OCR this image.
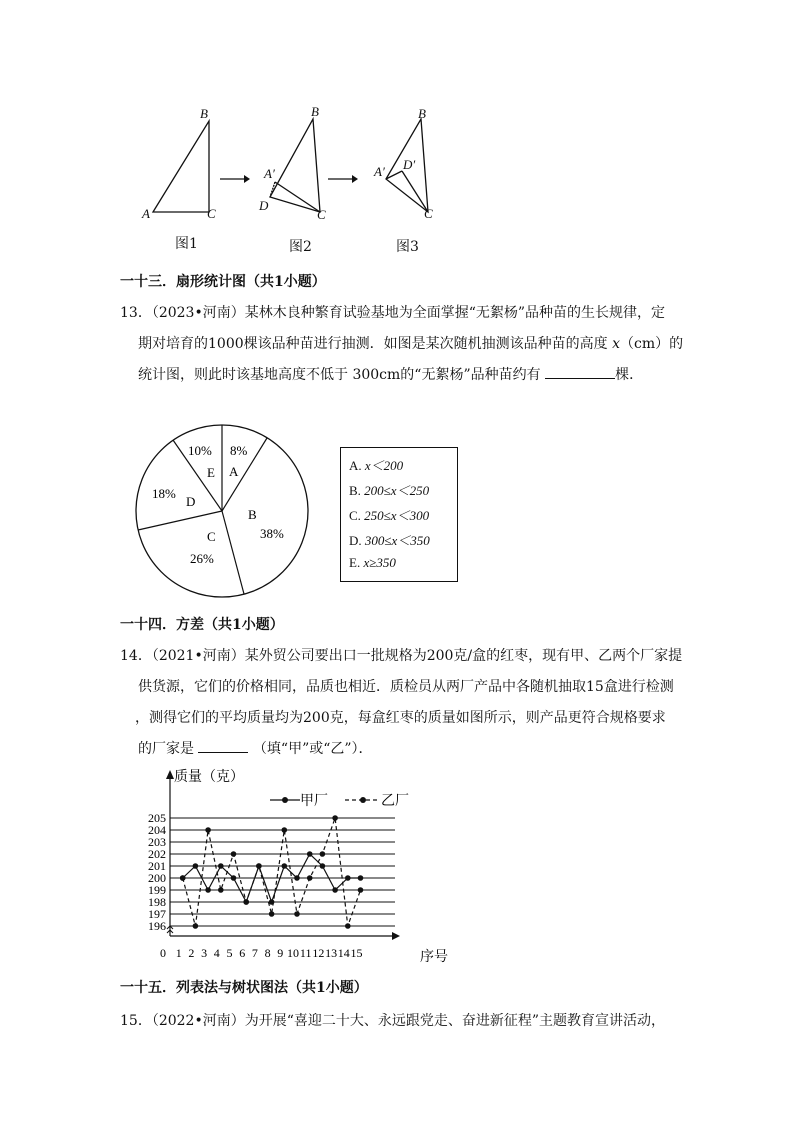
B
A	C
图1
B
A′
D
C
图2
B
D′
A′
C
图3
一十三．扇形统计图（共1小题）
13．（2023•河南）某林木良种繁育试验基地为全面掌握“无絮杨”品种苗的生长规律，定
期对培育的1000棵该品种苗进行抽测．如图是某次随机抽测该品种苗的高度 x（cm）的
统计图，则此时该基地高度不低于 300cm的“无絮杨”品种苗约有	棵．
8%
A
10%
E
18%
D
B
38%
C
26%
A. x＜200
B. 200≤x＜250
C. 250≤x＜300
D. 300≤x＜350
E. x≥350
一十四．方差（共1小题）
14．（2021•河南）某外贸公司要出口一批规格为200克/盒的红枣，现有甲、乙两个厂家提
供货源，它们的价格相同，品质也相近．质检员从两厂产品中各随机抽取15盒进行检测
，测得它们的平均质量均为200克，每盒红枣的质量如图所示，则产品更符合规格要求
的厂家是	（填“甲”或“乙”）．
196
197
198
199
200
201
202
203
204
205
0 1 2 3 4 5 6 7 8 9 10 11 12 13 14 15
质量（克）
序号
甲厂	乙厂
一十五．列表法与树状图法（共1小题）
15．（2022•河南）为开展“喜迎二十大、永远跟党走、奋进新征程”主题教育宣讲活动，
